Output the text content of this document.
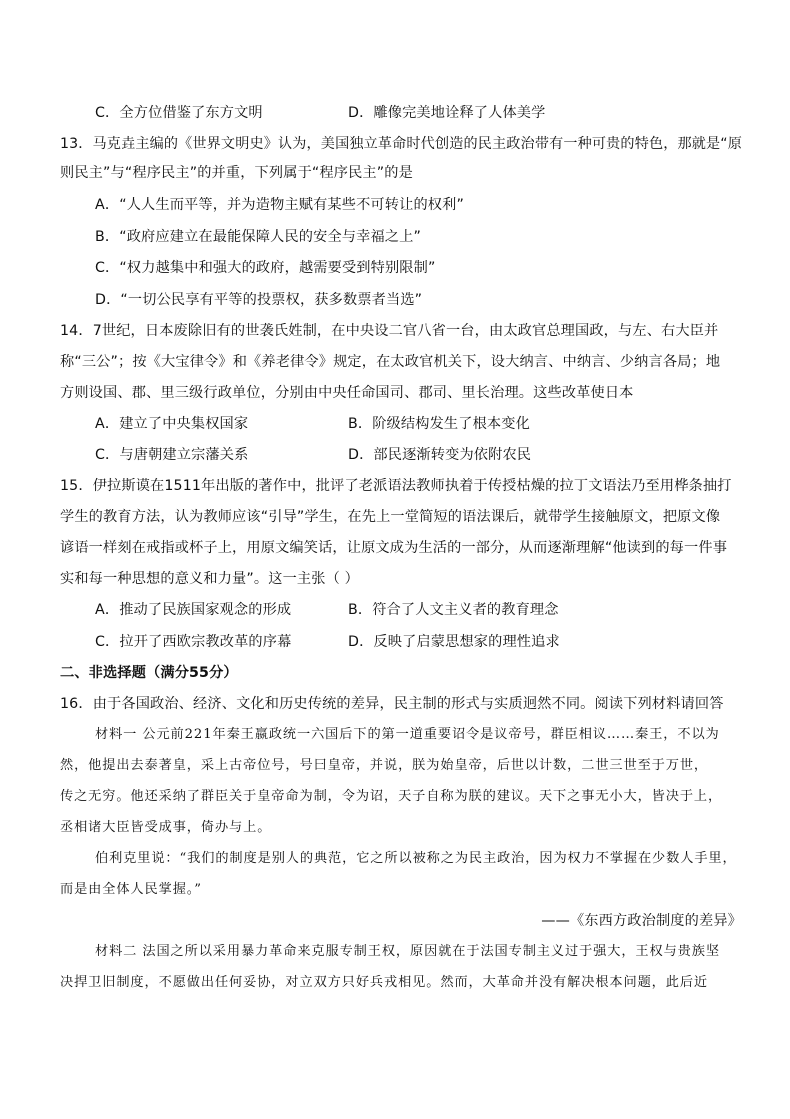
C．全方位借鉴了东方文明	D．雕像完美地诠释了人体美学
13．马克垚主编的《世界文明史》认为，美国独立革命时代创造的民主政治带有一种可贵的特色，那就是“原
则民主”与“程序民主”的并重，下列属于“程序民主”的是
A．“人人生而平等，并为造物主赋有某些不可转让的权利”
B．“政府应建立在最能保障人民的安全与幸福之上”
C．“权力越集中和强大的政府，越需要受到特别限制”
D．“一切公民享有平等的投票权，获多数票者当选”
14．7世纪，日本废除旧有的世袭氏姓制，在中央设二官八省一台，由太政官总理国政，与左、右大臣并
称“三公”；按《大宝律令》和《养老律令》规定，在太政官机关下，设大纳言、中纳言、少纳言各局；地
方则设国、郡、里三级行政单位，分别由中央任命国司、郡司、里长治理。这些改革使日本
A．建立了中央集权国家	B．阶级结构发生了根本变化
C．与唐朝建立宗藩关系	D．部民逐渐转变为依附农民
15．伊拉斯谟在1511年出版的著作中，批评了老派语法教师执着于传授枯燥的拉丁文语法乃至用桦条抽打
学生的教育方法，认为教师应该“引导”学生，在先上一堂简短的语法课后，就带学生接触原文，把原文像
谚语一样刻在戒指或杯子上，用原文编笑话，让原文成为生活的一部分，从而逐渐理解“他读到的每一件事
实和每一种思想的意义和力量”。这一主张（ ）
A．推动了民族国家观念的形成	B．符合了人文主义者的教育理念
C．拉开了西欧宗教改革的序幕	D．反映了启蒙思想家的理性追求
二、非选择题（满分55分）
16．由于各国政治、经济、文化和历史传统的差异，民主制的形式与实质迥然不同。阅读下列材料请回答
材料一 公元前221年秦王嬴政统一六国后下的第一道重要诏令是议帝号，群臣相议……秦王，不以为
然，他提出去泰著皇，采上古帝位号，号曰皇帝，并说，朕为始皇帝，后世以计数，二世三世至于万世，
传之无穷。他还采纳了群臣关于皇帝命为制，令为诏，天子自称为朕的建议。天下之事无小大，皆决于上，
丞相诸大臣皆受成事，倚办与上。
伯利克里说：“我们的制度是别人的典范，它之所以被称之为民主政治，因为权力不掌握在少数人手里，
而是由全体人民掌握。”
——《东西方政治制度的差异》
材料二 法国之所以采用暴力革命来克服专制王权，原因就在于法国专制主义过于强大，王权与贵族坚
决捍卫旧制度，不愿做出任何妥协，对立双方只好兵戎相见。然而，大革命并没有解决根本问题，此后近
